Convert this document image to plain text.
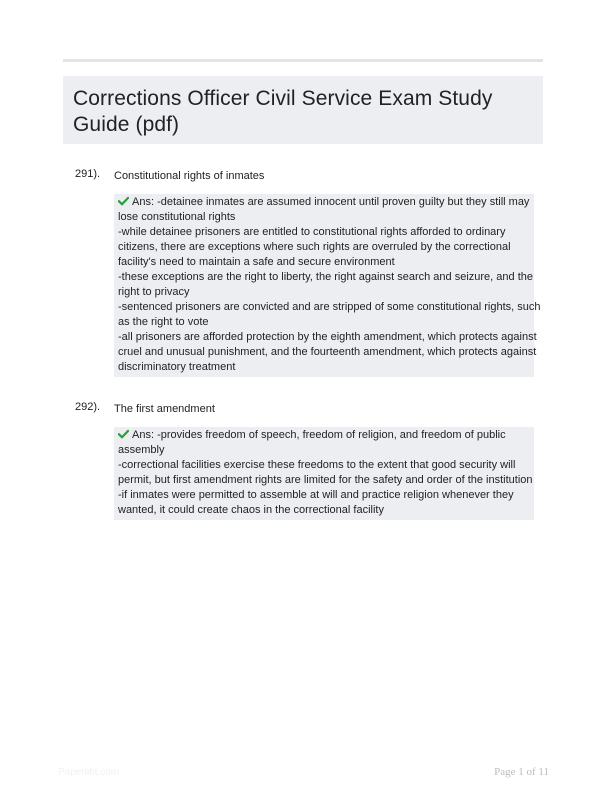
Corrections Officer Civil Service Exam Study
Guide (pdf)
291). Constitutional rights of inmates
Ans: -detainee inmates are assumed innocent until proven guilty but they still may
lose constitutional rights
-while detainee prisoners are entitled to constitutional rights afforded to ordinary
citizens, there are exceptions where such rights are overruled by the correctional
facility's need to maintain a safe and secure environment
-these exceptions are the right to liberty, the right against search and seizure, and the
right to privacy
-sentenced prisoners are convicted and are stripped of some constitutional rights, such
as the right to vote
-all prisoners are afforded protection by the eighth amendment, which protects against
cruel and unusual punishment, and the fourteenth amendment, which protects against
discriminatory treatment
292). The first amendment
Ans: -provides freedom of speech, freedom of religion, and freedom of public
assembly
-correctional facilities exercise these freedoms to the extent that good security will
permit, but first amendment rights are limited for the safety and order of the institution
-if inmates were permitted to assemble at will and practice religion whenever they
wanted, it could create chaos in the correctional facility
Paperlibt.com	Page 1 of 11
